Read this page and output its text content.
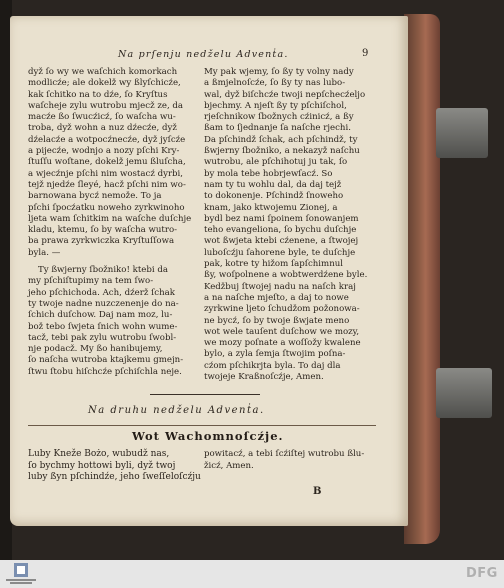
Na prſenju nedželu Advenṫa.	9
dyž ſo wy we waſchich komorkach
modlicźe; ale dokelž wy ßlyſchicźe,
kak ſchitko na to dźe, ſo Kryſtus
waſcheje zylu wutrobu mjecž ze, da
macźe ßo ſwucźicź, ſo waſcha wu-
troba, dyž wohn a nuz dźecźe, dyž
dźelacźe a wotpocźnecźe, dyž jyſcźe
a pijecźe, wodnjo a nozy pſchi Kry-
ſtuſſu woſtane, dokelž jemu ßluſcha,
a wjecźnje pſchi nim wostacź dyrbi,
tejž njedźe ſleyé, hacž pſchi nim wo-
barnowana bycź nemože. To ja
pſchi ſpocźatku noweho zyrkwinoho
ljeta wam ſchitkim na waſche duſchje
kladu, ktemu, ſo by waſcha wutro-
ba prawa zyrkwiczka Kryſtuſſowa
byla. —
Ty ßwjerny ſbožniko! ktebi da
my pſchiſtupimy na tem ſwo-
jeho pſchichoda. Ach, dźerž ſchak
ty twoje nadne nuzczenenje do na-
ſchich duſchow. Daj nam moz, lu-
bož tebo ſwjeta ſnich wohn wume-
tacž, tebi pak zylu wutrobu ſwobl-
nje podacž. My ßo hanibujemy,
ſo naſcha wutroba ktajkemu gmejn-
ſtwu ſtobu hiſchcźe pſchiſchla neje.
My pak wjemy, ſo ßy ty volny nady
a ßmjelnoſcźe, ſo ßy ty nas lubo-
wal, dyž biſchcźe twoji nepſchecźeljo
bjechmy. A njeſt ßy ty pſchiſchol,
rjeſchnikow ſbožnych cźinicź, a ßy
ßam to ſjednanje ſa naſche rjechi.
Da pſchindž ſchak, ach pſchindž, ty
ßwjerny ſbožniko, a nekazyž naſchu
wutrobu, ale pſchihotuj ju tak, ſo
by mola tebe hobrjewſacź. So
nam ty tu wohlu dal, da daj tejž
to dokonenje. Pſchindž ſnoweho
knam, jako ktwojemu Zionej, a
bydl bez nami ſpoinem ſonowanjem
teho evangeliona, ſo bychu duſchje
wot ßwjeta ktebi cźenene, a ſtwojej
luboſcźju ſahorene byle, te duſchje
pak, kotre ty hižom ſapſchimnul
ßy, woſpolnene a wobtwerdźene byle.
Kedžbuj ſtwojej nadu na naſch kraj
a na naſche mjeſto, a daj to nowe
zyrkwine ljeto ſchudžom požonowa-
ne bycź, ſo by twoje ßwjate meno
wot wele tauſent duſchow we mozy,
we mozy poſnate a woſſožy kwalene
bylo, a zyla ſemja ſtwojim poſna-
cźom pſchikrjta byla. To daj dla
twojeje Kraßnoſcźje, Amen.
Na druhu nedželu Advenṫa.
Wot Wachomnoſcźje.
Luby Kneže Bożo, wubudž nas,
ſo bychmy hottowi byli, dyž twoj
luby ßyn pſchindźe, jeho ſweſſeloſcźju
powitacź, a tebi ſcźiſtej wutrobu ßlu-
žicź, Amen.
B
DFG
